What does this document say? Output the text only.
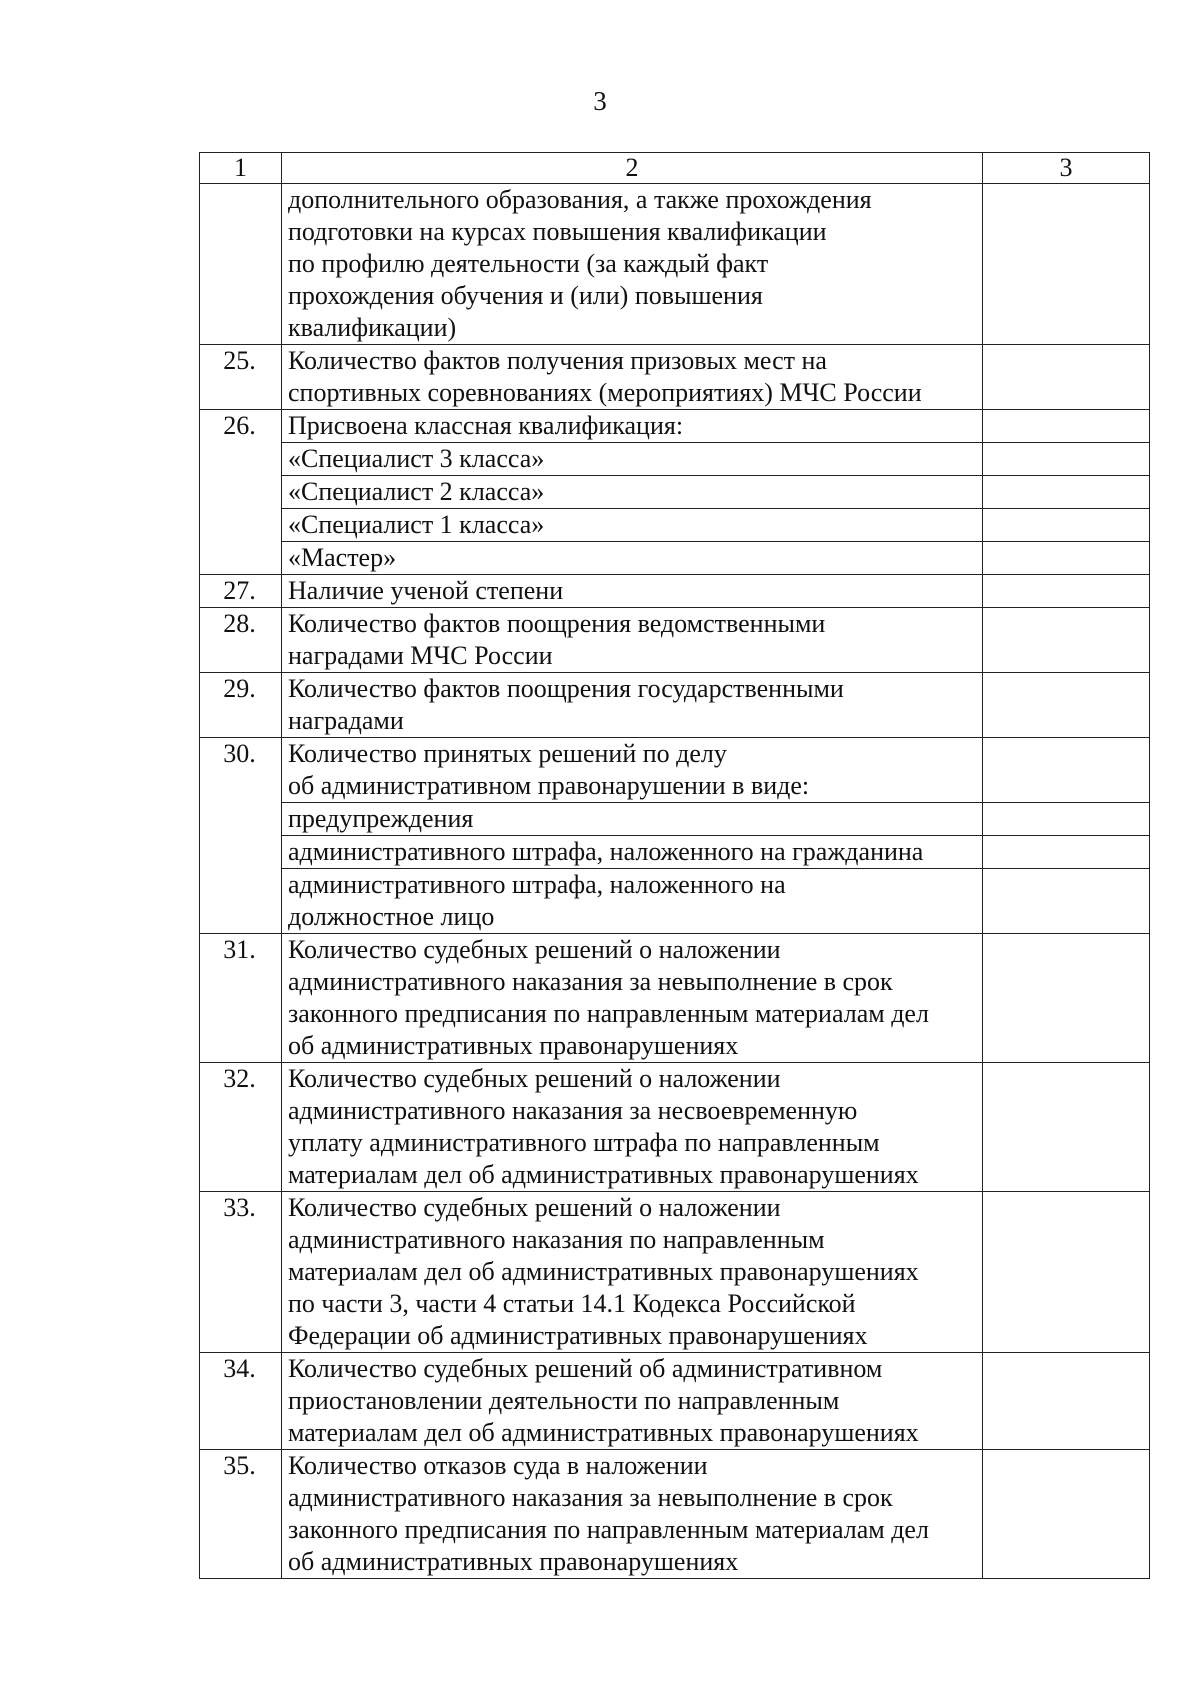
3
1	2	3

	дополнительного образования, а также прохождения
подготовки на курсах повышения квалификации
по профилю деятельности (за каждый факт
прохождения обучения и (или) повышения
квалификации)	

25.	Количество фактов получения призовых мест на
спортивных соревнованиях (мероприятиях) МЧС России	

26.	Присвоена классная квалификация:	

	«Специалист 3 класса»	

	«Специалист 2 класса»	

	«Специалист 1 класса»	

	«Мастер»	

27.	Наличие ученой степени	

28.	Количество фактов поощрения ведомственными
наградами МЧС России	

29.	Количество фактов поощрения государственными
наградами	

30.	Количество принятых решений по делу
об административном правонарушении в виде:	

	предупреждения	

	административного штрафа, наложенного на гражданина	

	административного штрафа, наложенного на
должностное лицо	

31.	Количество судебных решений о наложении
административного наказания за невыполнение в срок
законного предписания по направленным материалам дел
об административных правонарушениях	

32.	Количество судебных решений о наложении
административного наказания за несвоевременную
уплату административного штрафа по направленным
материалам дел об административных правонарушениях	

33.	Количество судебных решений о наложении
административного наказания по направленным
материалам дел об административных правонарушениях
по части 3, части 4 статьи 14.1 Кодекса Российской
Федерации об административных правонарушениях	

34.	Количество судебных решений об административном
приостановлении деятельности по направленным
материалам дел об административных правонарушениях	

35.	Количество отказов суда в наложении
административного наказания за невыполнение в срок
законного предписания по направленным материалам дел
об административных правонарушениях	
